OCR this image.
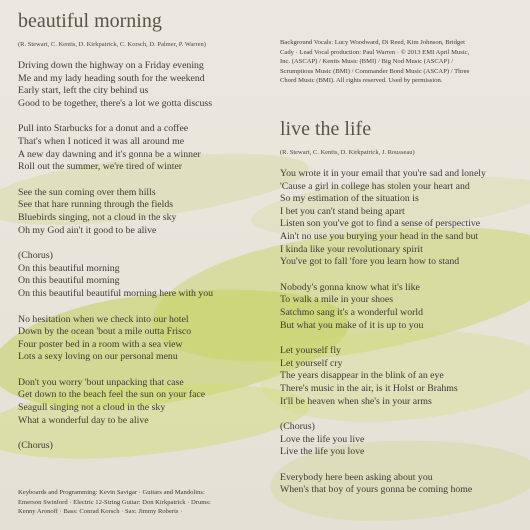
beautiful morning
(R. Stewart, C. Kentis, D. Kirkpatrick, C. Korsch, D. Palmer, P. Warren)
Driving down the highway on a Friday evening
Me and my lady heading south for the weekend
Early start, left the city behind us
Good to be together, there's a lot we gotta discuss
Pull into Starbucks for a donut and a coffee
That's when I noticed it was all around me
A new day dawning and it's gonna be a winner
Roll out the summer, we're tired of winter
See the sun coming over them hills
See that hare running through the fields
Bluebirds singing, not a cloud in the sky
Oh my God ain't it good to be alive
(Chorus)
On this beautiful morning
On this beautiful morning
On this beautiful beautiful morning here with you
No hesitation when we check into our hotel
Down by the ocean 'bout a mile outta Frisco
Four poster bed in a room with a sea view
Lots a sexy loving on our personal menu
Don't you worry 'bout unpacking that case
Get down to the beach feel the sun on your face
Seagull singing not a cloud in the sky
What a wonderful day to be alive
(Chorus)
Keyboards and Programming: Kevin Savigar · Guitars and Mandolins:
Emerson Swinford · Electric 12-String Guitar: Don Kirkpatrick · Drums:
Kenny Aronoff · Bass: Conrad Korsch · Sax: Jimmy Roberts ·
Background Vocals: Lucy Woodward, Di Reed, Kim Johnson, Bridget
Cady · Lead Vocal production: Paul Warren · © 2013 EMI April Music,
Inc. (ASCAP) / Kentis Music (BMI) / Big Nod Music (ASCAP) /
Scrumptious Music (BMI) / Commander Bond Music (ASCAP) / Three
Chord Music (BMI). All rights reserved. Used by permission.
live the life
(R. Stewart, C. Kentis, D. Kirkpatrick, J. Rousseau)
You wrote it in your email that you're sad and lonely
'Cause a girl in college has stolen your heart and
So my estimation of the situation is
I bet you can't stand being apart
Listen son you've got to find a sense of perspective
Ain't no use you burying your head in the sand but
I kinda like your revolutionary spirit
You've got to fall 'fore you learn how to stand
Nobody's gonna know what it's like
To walk a mile in your shoes
Satchmo sang it's a wonderful world
But what you make of it is up to you
Let yourself fly
Let yourself cry
The years disappear in the blink of an eye
There's music in the air, is it Holst or Brahms
It'll be heaven when she's in your arms
(Chorus)
Love the life you live
Live the life you love
Everybody here been asking about you
When's that boy of yours gonna be coming home
